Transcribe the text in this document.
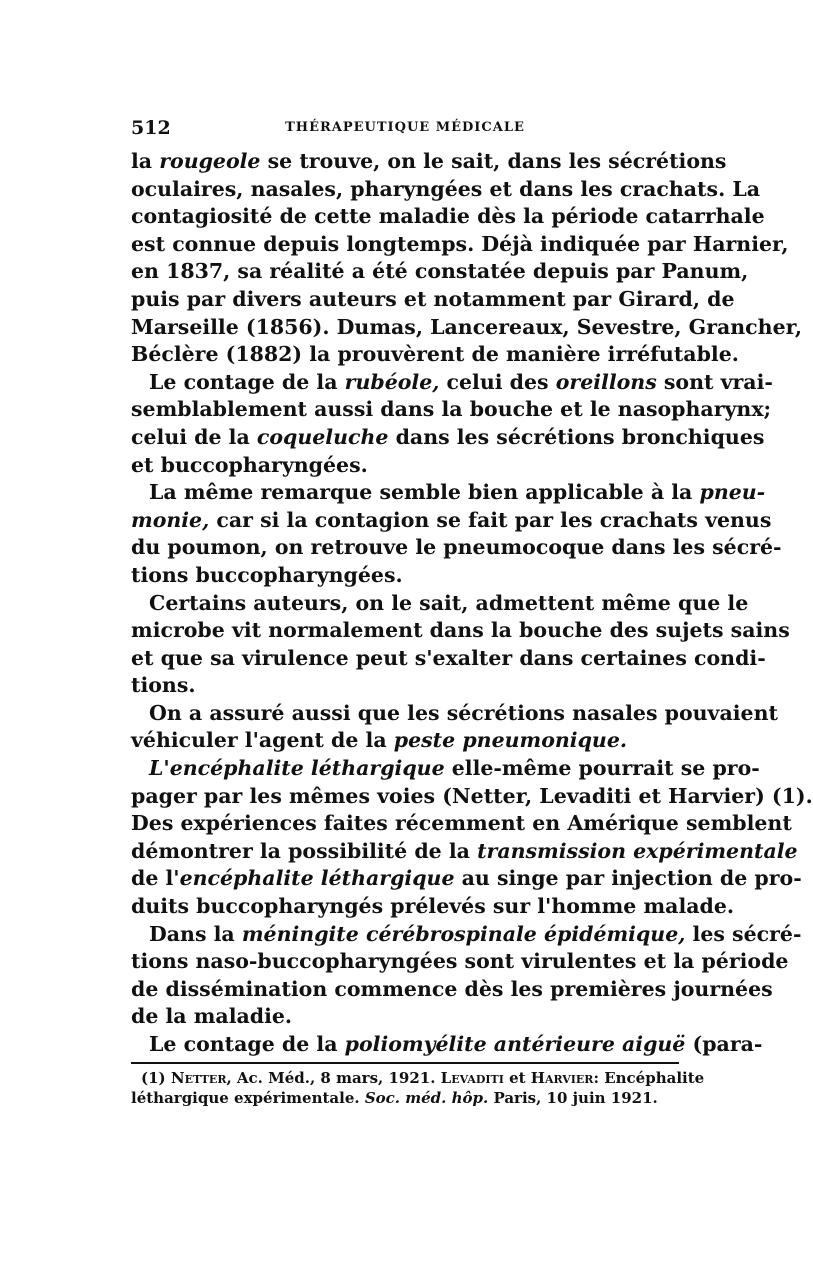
512	THÉRAPEUTIQUE MÉDICALE
la rougeole se trouve, on le sait, dans les sécrétions
oculaires, nasales, pharyngées et dans les crachats. La
contagiosité de cette maladie dès la période catarrhale
est connue depuis longtemps. Déjà indiquée par Harnier,
en 1837, sa réalité a été constatée depuis par Panum,
puis par divers auteurs et notamment par Girard, de
Marseille (1856). Dumas, Lancereaux, Sevestre, Grancher,
Béclère (1882) la prouvèrent de manière irréfutable.
Le contage de la rubéole, celui des oreillons sont vrai-
semblablement aussi dans la bouche et le nasopharynx;
celui de la coqueluche dans les sécrétions bronchiques
et buccopharyngées.
La même remarque semble bien applicable à la pneu-
monie, car si la contagion se fait par les crachats venus
du poumon, on retrouve le pneumocoque dans les sécré-
tions buccopharyngées.
Certains auteurs, on le sait, admettent même que le
microbe vit normalement dans la bouche des sujets sains
et que sa virulence peut s'exalter dans certaines condi-
tions.
On a assuré aussi que les sécrétions nasales pouvaient
véhiculer l'agent de la peste pneumonique.
L'encéphalite léthargique elle-même pourrait se pro-
pager par les mêmes voies (Netter, Levaditi et Harvier) (1).
Des expériences faites récemment en Amérique semblent
démontrer la possibilité de la transmission expérimentale
de l'encéphalite léthargique au singe par injection de pro-
duits buccopharyngés prélevés sur l'homme malade.
Dans la méningite cérébrospinale épidémique, les sécré-
tions naso-buccopharyngées sont virulentes et la période
de dissémination commence dès les premières journées
de la maladie.
Le contage de la poliomyélite antérieure aiguë (para-
(1) Netter, Ac. Méd., 8 mars, 1921. Levaditi et Harvier: Encéphalite
léthargique expérimentale. Soc. méd. hôp. Paris, 10 juin 1921.
